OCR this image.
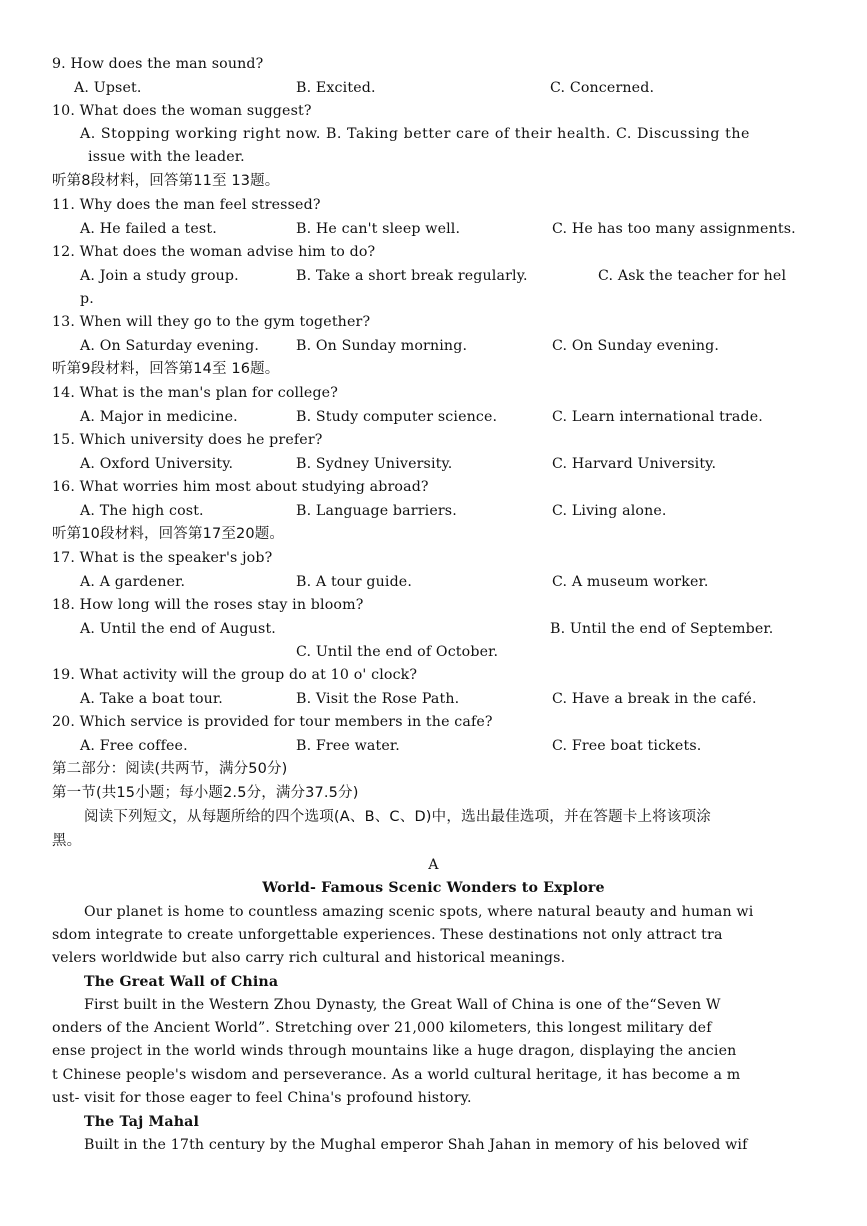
9. How does the man sound?
A. Upset.	B. Excited.	C. Concerned.
10. What does the woman suggest?
A. Stopping working right now. B. Taking better care of their health. C. Discussing the
issue with the leader.
听第8段材料，回答第11至 13题。
11. Why does the man feel stressed?
A. He failed a test.	B. He can't sleep well.	C. He has too many assignments.
12. What does the woman advise him to do?
A. Join a study group.	B. Take a short break regularly.	C. Ask the teacher for hel
p.
13. When will they go to the gym together?
A. On Saturday evening.	B. On Sunday morning.	C. On Sunday evening.
听第9段材料，回答第14至 16题。
14. What is the man's plan for college?
A. Major in medicine.	B. Study computer science.	C. Learn international trade.
15. Which university does he prefer?
A. Oxford University.	B. Sydney University.	C. Harvard University.
16. What worries him most about studying abroad?
A. The high cost.	B. Language barriers.	C. Living alone.
听第10段材料，回答第17至20题。
17. What is the speaker's job?
A. A gardener.	B. A tour guide.	C. A museum worker.
18. How long will the roses stay in bloom?
A. Until the end of August.	B. Until the end of September.
C. Until the end of October.
19. What activity will the group do at 10 o' clock?
A. Take a boat tour.	B. Visit the Rose Path.	C. Have a break in the café.
20. Which service is provided for tour members in the cafe?
A. Free coffee.	B. Free water.	C. Free boat tickets.
第二部分：阅读(共两节，满分50分)
第一节(共15小题；每小题2.5分，满分37.5分)
阅读下列短文，从每题所给的四个选项(A、B、C、D)中，选出最佳选项，并在答题卡上将该项涂
黑。
A
World- Famous Scenic Wonders to Explore
Our planet is home to countless amazing scenic spots, where natural beauty and human wi
sdom integrate to create unforgettable experiences. These destinations not only attract tra
velers worldwide but also carry rich cultural and historical meanings.
The Great Wall of China
First built in the Western Zhou Dynasty, the Great Wall of China is one of the“Seven W
onders of the Ancient World”. Stretching over 21,000 kilometers, this longest military def
ense project in the world winds through mountains like a huge dragon, displaying the ancien
t Chinese people's wisdom and perseverance. As a world cultural heritage, it has become a m
ust- visit for those eager to feel China's profound history.
The Taj Mahal
Built in the 17th century by the Mughal emperor Shah Jahan in memory of his beloved wif
